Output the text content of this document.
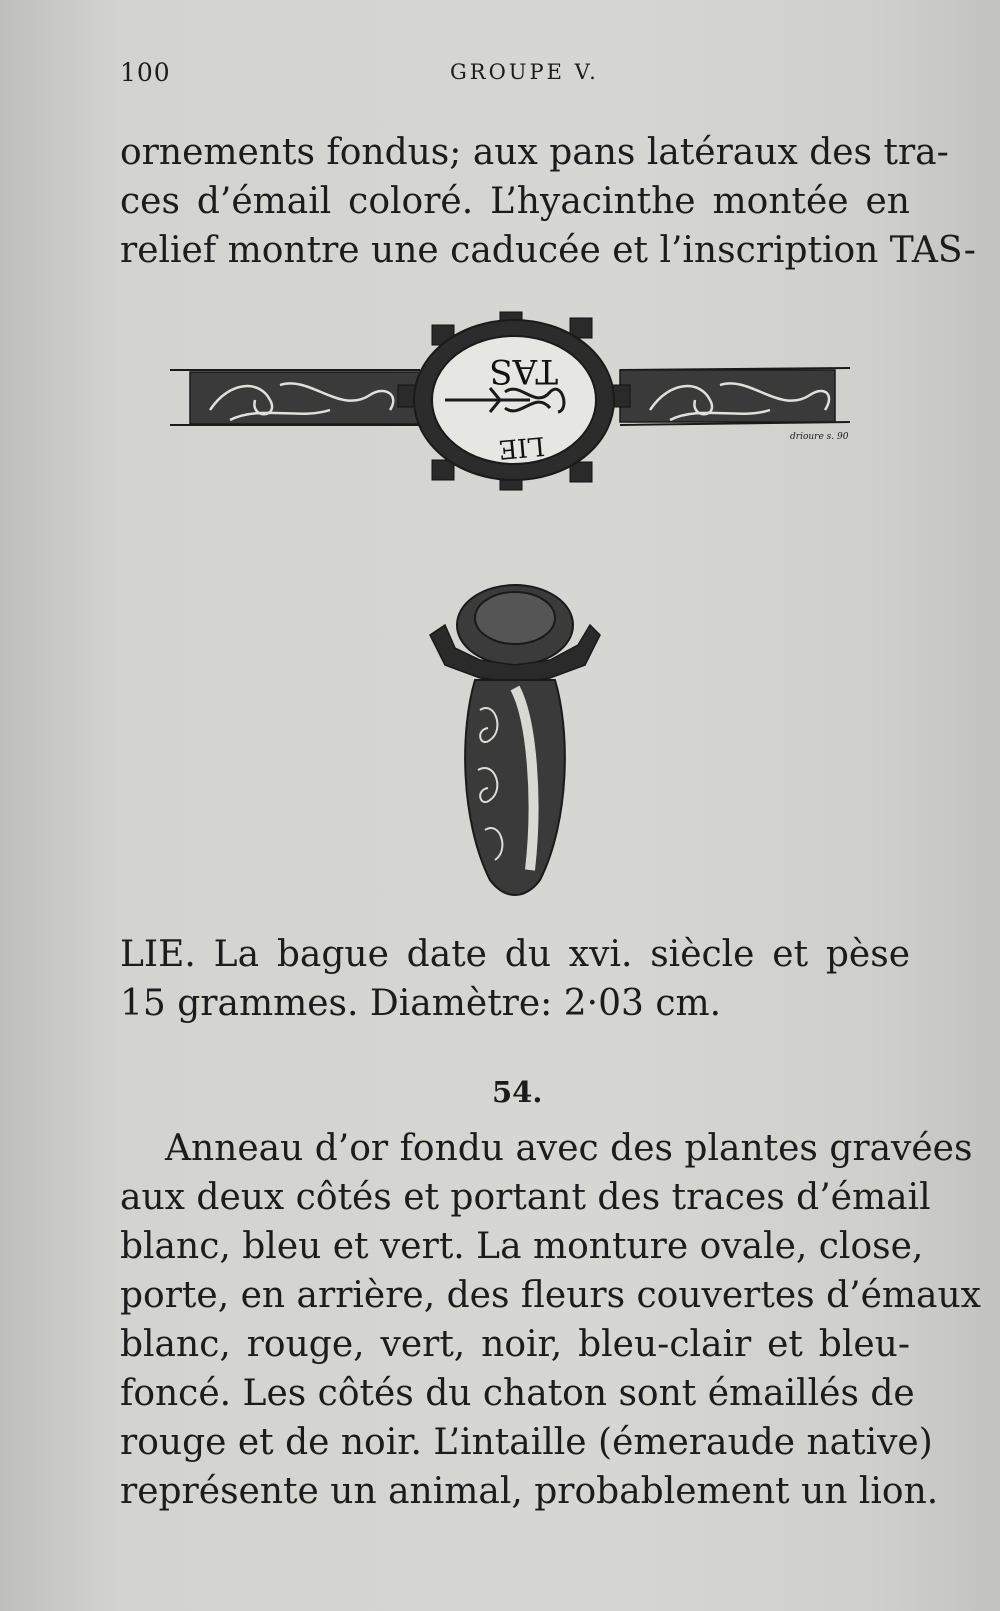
100	GROUPE V.
ornements fondus; aux pans latéraux des tra-
ces d’émail coloré. L’hyacinthe montée en
relief montre une caducée et l’inscription TAS-
TAS
LIE	drioure s. 90
LIE. La bague date du xvi. siècle et pèse
15 grammes. Diamètre: 2·03 cm.
54.
Anneau d’or fondu avec des plantes gravées
aux deux côtés et portant des traces d’émail
blanc, bleu et vert. La monture ovale, close,
porte, en arrière, des fleurs couvertes d’émaux
blanc, rouge, vert, noir, bleu-clair et bleu-
foncé. Les côtés du chaton sont émaillés de
rouge et de noir. L’intaille (émeraude native)
représente un animal, probablement un lion.
